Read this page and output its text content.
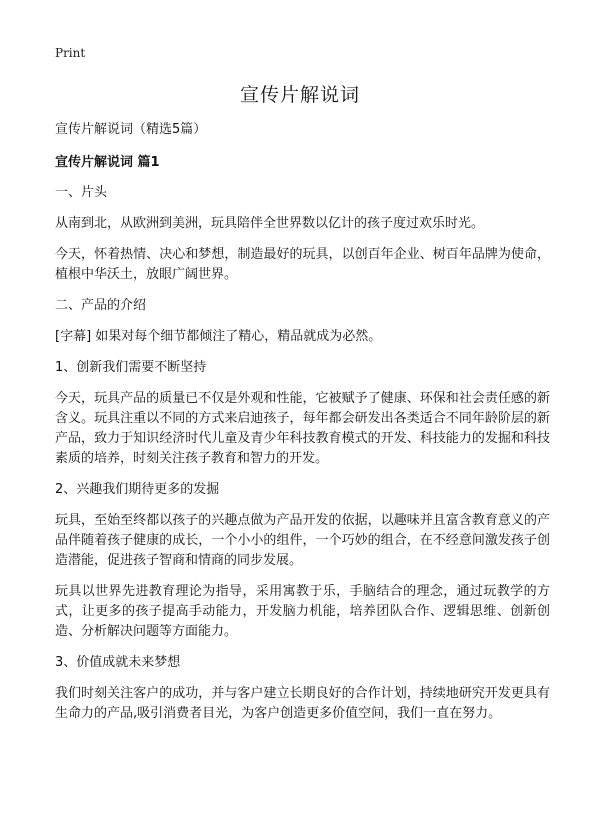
Print
宣传片解说词

宣传片解说词（精选5篇）

宣传片解说词 篇1

一、片头

从南到北，从欧洲到美洲，玩具陪伴全世界数以亿计的孩子度过欢乐时光。

今天，怀着热情、决心和梦想，制造最好的玩具，以创百年企业、树百年品牌为使命，植根中华沃土，放眼广阔世界。

二、产品的介绍

[字幕] 如果对每个细节都倾注了精心，精品就成为必然。

1、创新我们需要不断坚持

今天，玩具产品的质量已不仅是外观和性能，它被赋予了健康、环保和社会责任感的新含义。玩具注重以不同的方式来启迪孩子，每年都会研发出各类适合不同年龄阶层的新产品，致力于知识经济时代儿童及青少年科技教育模式的开发、科技能力的发掘和科技素质的培养，时刻关注孩子教育和智力的开发。

2、兴趣我们期待更多的发掘

玩具，至始至终都以孩子的兴趣点做为产品开发的依据，以趣味并且富含教育意义的产品伴随着孩子健康的成长，一个小小的组件，一个巧妙的组合，在不经意间激发孩子创造潜能，促进孩子智商和情商的同步发展。

玩具以世界先进教育理论为指导，采用寓教于乐，手脑结合的理念，通过玩教学的方式，让更多的孩子提高手动能力，开发脑力机能，培养团队合作、逻辑思维、创新创造、分析解决问题等方面能力。

3、价值成就未来梦想

我们时刻关注客户的成功，并与客户建立长期良好的合作计划，持续地研究开发更具有生命力的产品,吸引消费者目光，为客户创造更多价值空间，我们一直在努力。
